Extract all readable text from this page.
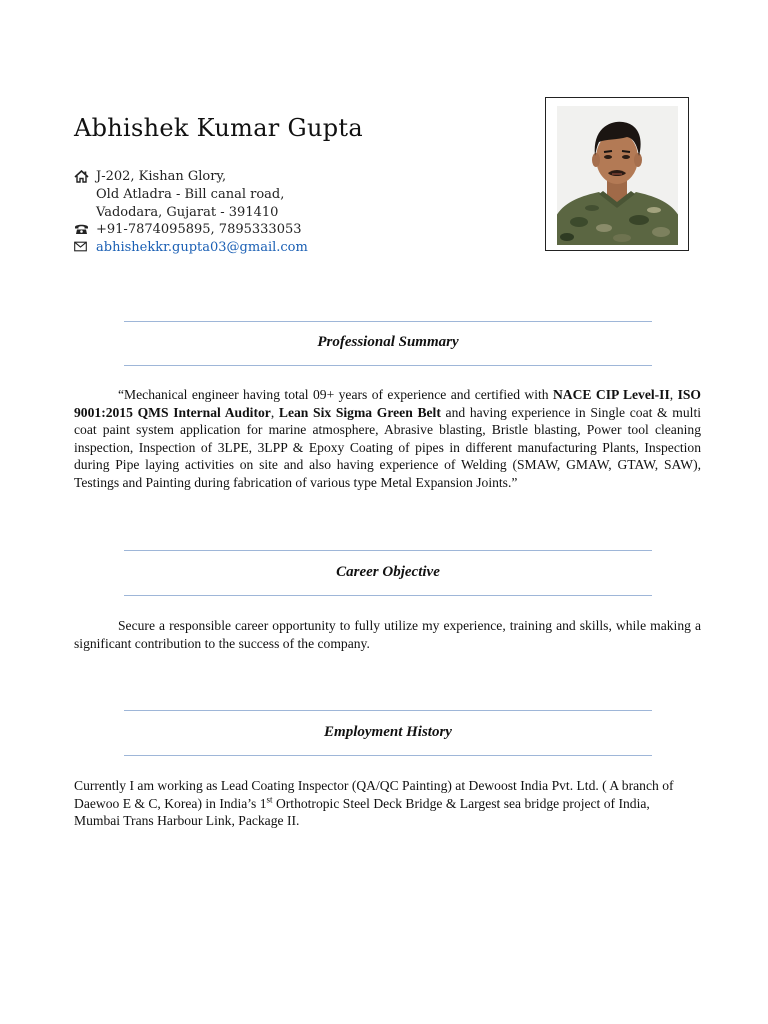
Abhishek Kumar Gupta
J-202, Kishan Glory,
Old Atladra - Bill canal road,
Vadodara, Gujarat - 391410
+91-7874095895, 7895333053
abhishekkr.gupta03@gmail.com
Professional Summary
“Mechanical engineer having total 09+ years of experience and certified with NACE CIP Level-II, ISO 9001:2015 QMS Internal Auditor, Lean Six Sigma Green Belt and having experience in Single coat & multi coat paint system application for marine atmosphere, Abrasive blasting, Bristle blasting, Power tool cleaning inspection, Inspection of 3LPE, 3LPP & Epoxy Coating of pipes in different manufacturing Plants, Inspection during Pipe laying activities on site and also having experience of Welding (SMAW, GMAW, GTAW, SAW), Testings and Painting during fabrication of various type Metal Expansion Joints.”
Career Objective
Secure a responsible career opportunity to fully utilize my experience, training and skills, while making a significant contribution to the success of the company.
Employment History
Currently I am working as Lead Coating Inspector (QA/QC Painting) at Dewoost India Pvt. Ltd. ( A branch of Daewoo E & C, Korea) in India’s 1st Orthotropic Steel Deck Bridge & Largest sea bridge project of India, Mumbai Trans Harbour Link, Package II.
